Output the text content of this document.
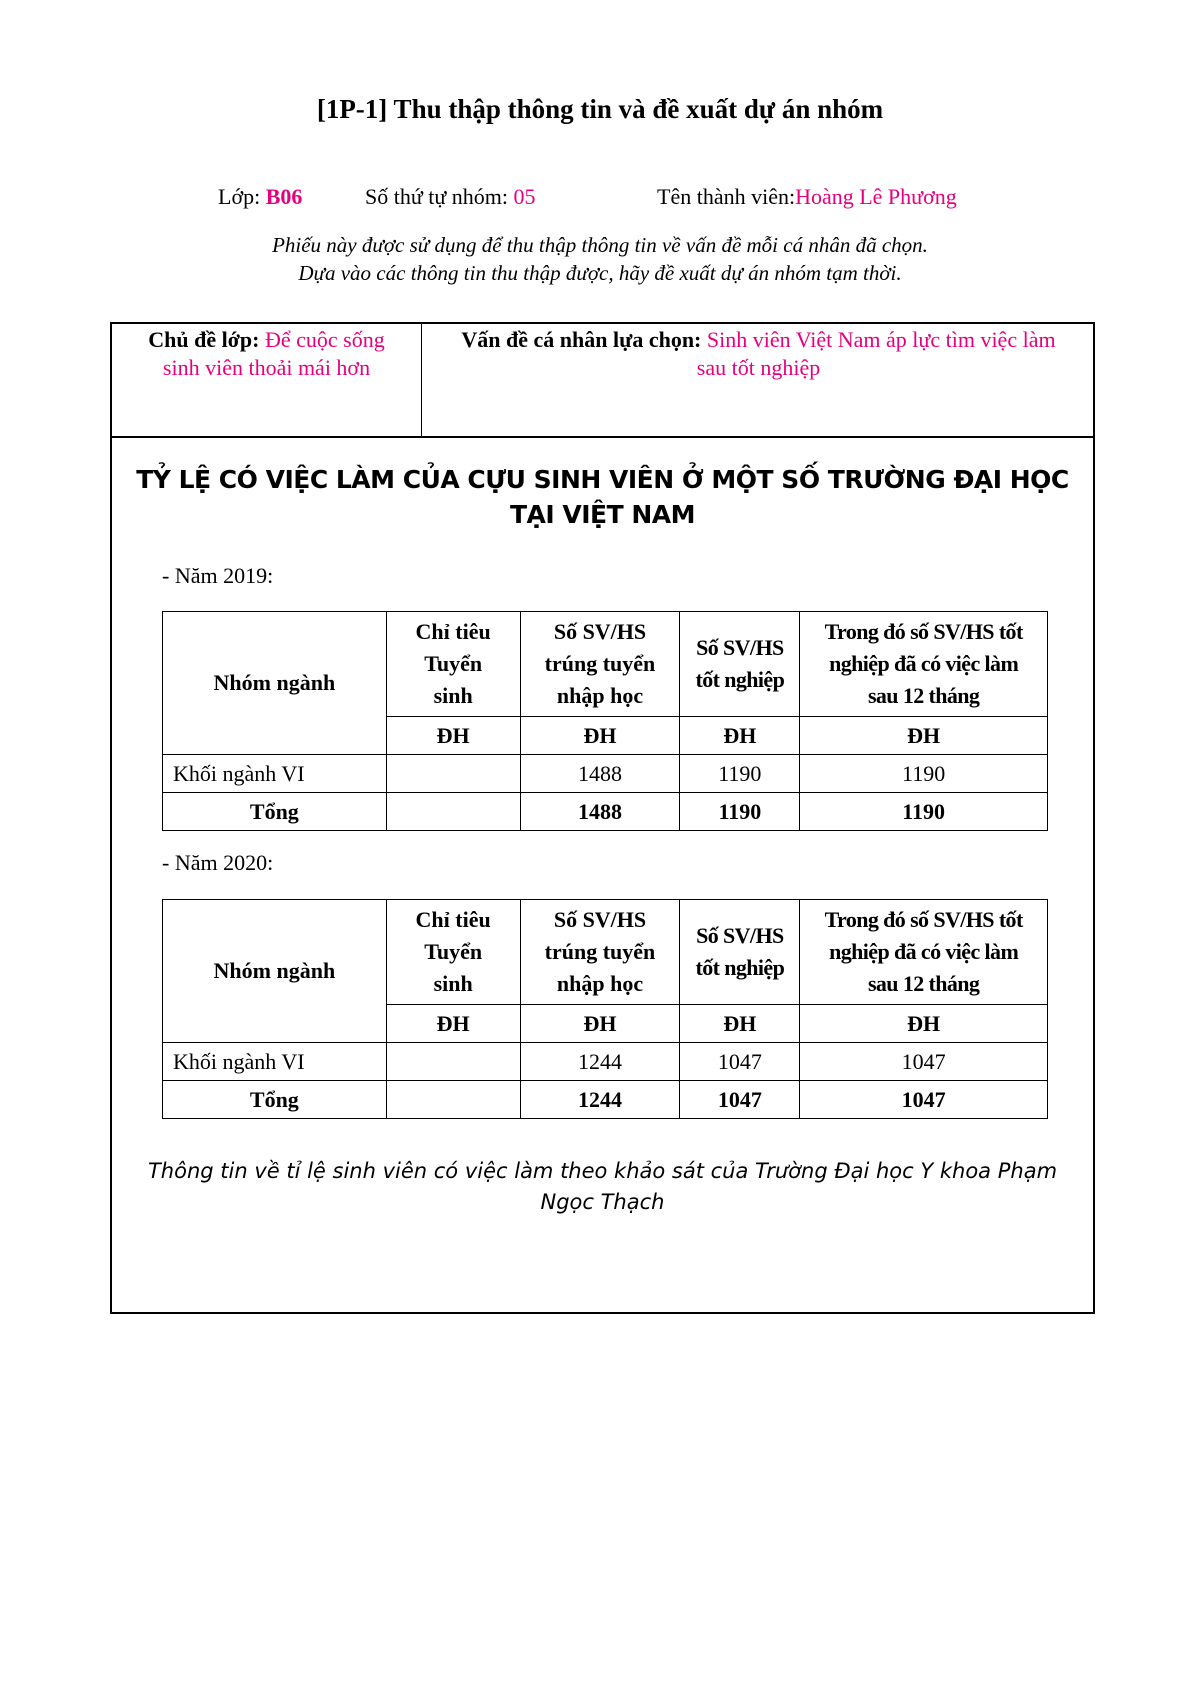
[1P-1] Thu thập thông tin và đề xuất dự án nhóm
Lớp: B06	Số thứ tự nhóm: 05	Tên thành viên:Hoàng Lê Phương
Phiếu này được sử dụng để thu thập thông tin về vấn đề mỗi cá nhân đã chọn.
Dựa vào các thông tin thu thập được, hãy đề xuất dự án nhóm tạm thời.
Chủ đề lớp: Để cuộc sống
sinh viên thoải mái hơn
Vấn đề cá nhân lựa chọn: Sinh viên Việt Nam áp lực tìm việc làm
sau tốt nghiệp
TỶ LỆ CÓ VIỆC LÀM CỦA CỰU SINH VIÊN Ở MỘT SỐ TRƯỜNG ĐẠI HỌC
TẠI VIỆT NAM
- Năm 2019:
Nhóm ngành	Chỉ tiêu
Tuyển
sinh	Số SV/HS
trúng tuyển
nhập học	Số SV/HS
tốt nghiệp	Trong đó số SV/HS tốt
nghiệp đã có việc làm
sau 12 tháng
	ĐH	ĐH	ĐH	ĐH
Khối ngành VI		1488	1190	1190
Tổng		1488	1190	1190
- Năm 2020:
Nhóm ngành	Chỉ tiêu
Tuyển
sinh	Số SV/HS
trúng tuyển
nhập học	Số SV/HS
tốt nghiệp	Trong đó số SV/HS tốt
nghiệp đã có việc làm
sau 12 tháng
	ĐH	ĐH	ĐH	ĐH
Khối ngành VI		1244	1047	1047
Tổng		1244	1047	1047
Thông tin về tỉ lệ sinh viên có việc làm theo khảo sát của Trường Đại học Y khoa Phạm
Ngọc Thạch
